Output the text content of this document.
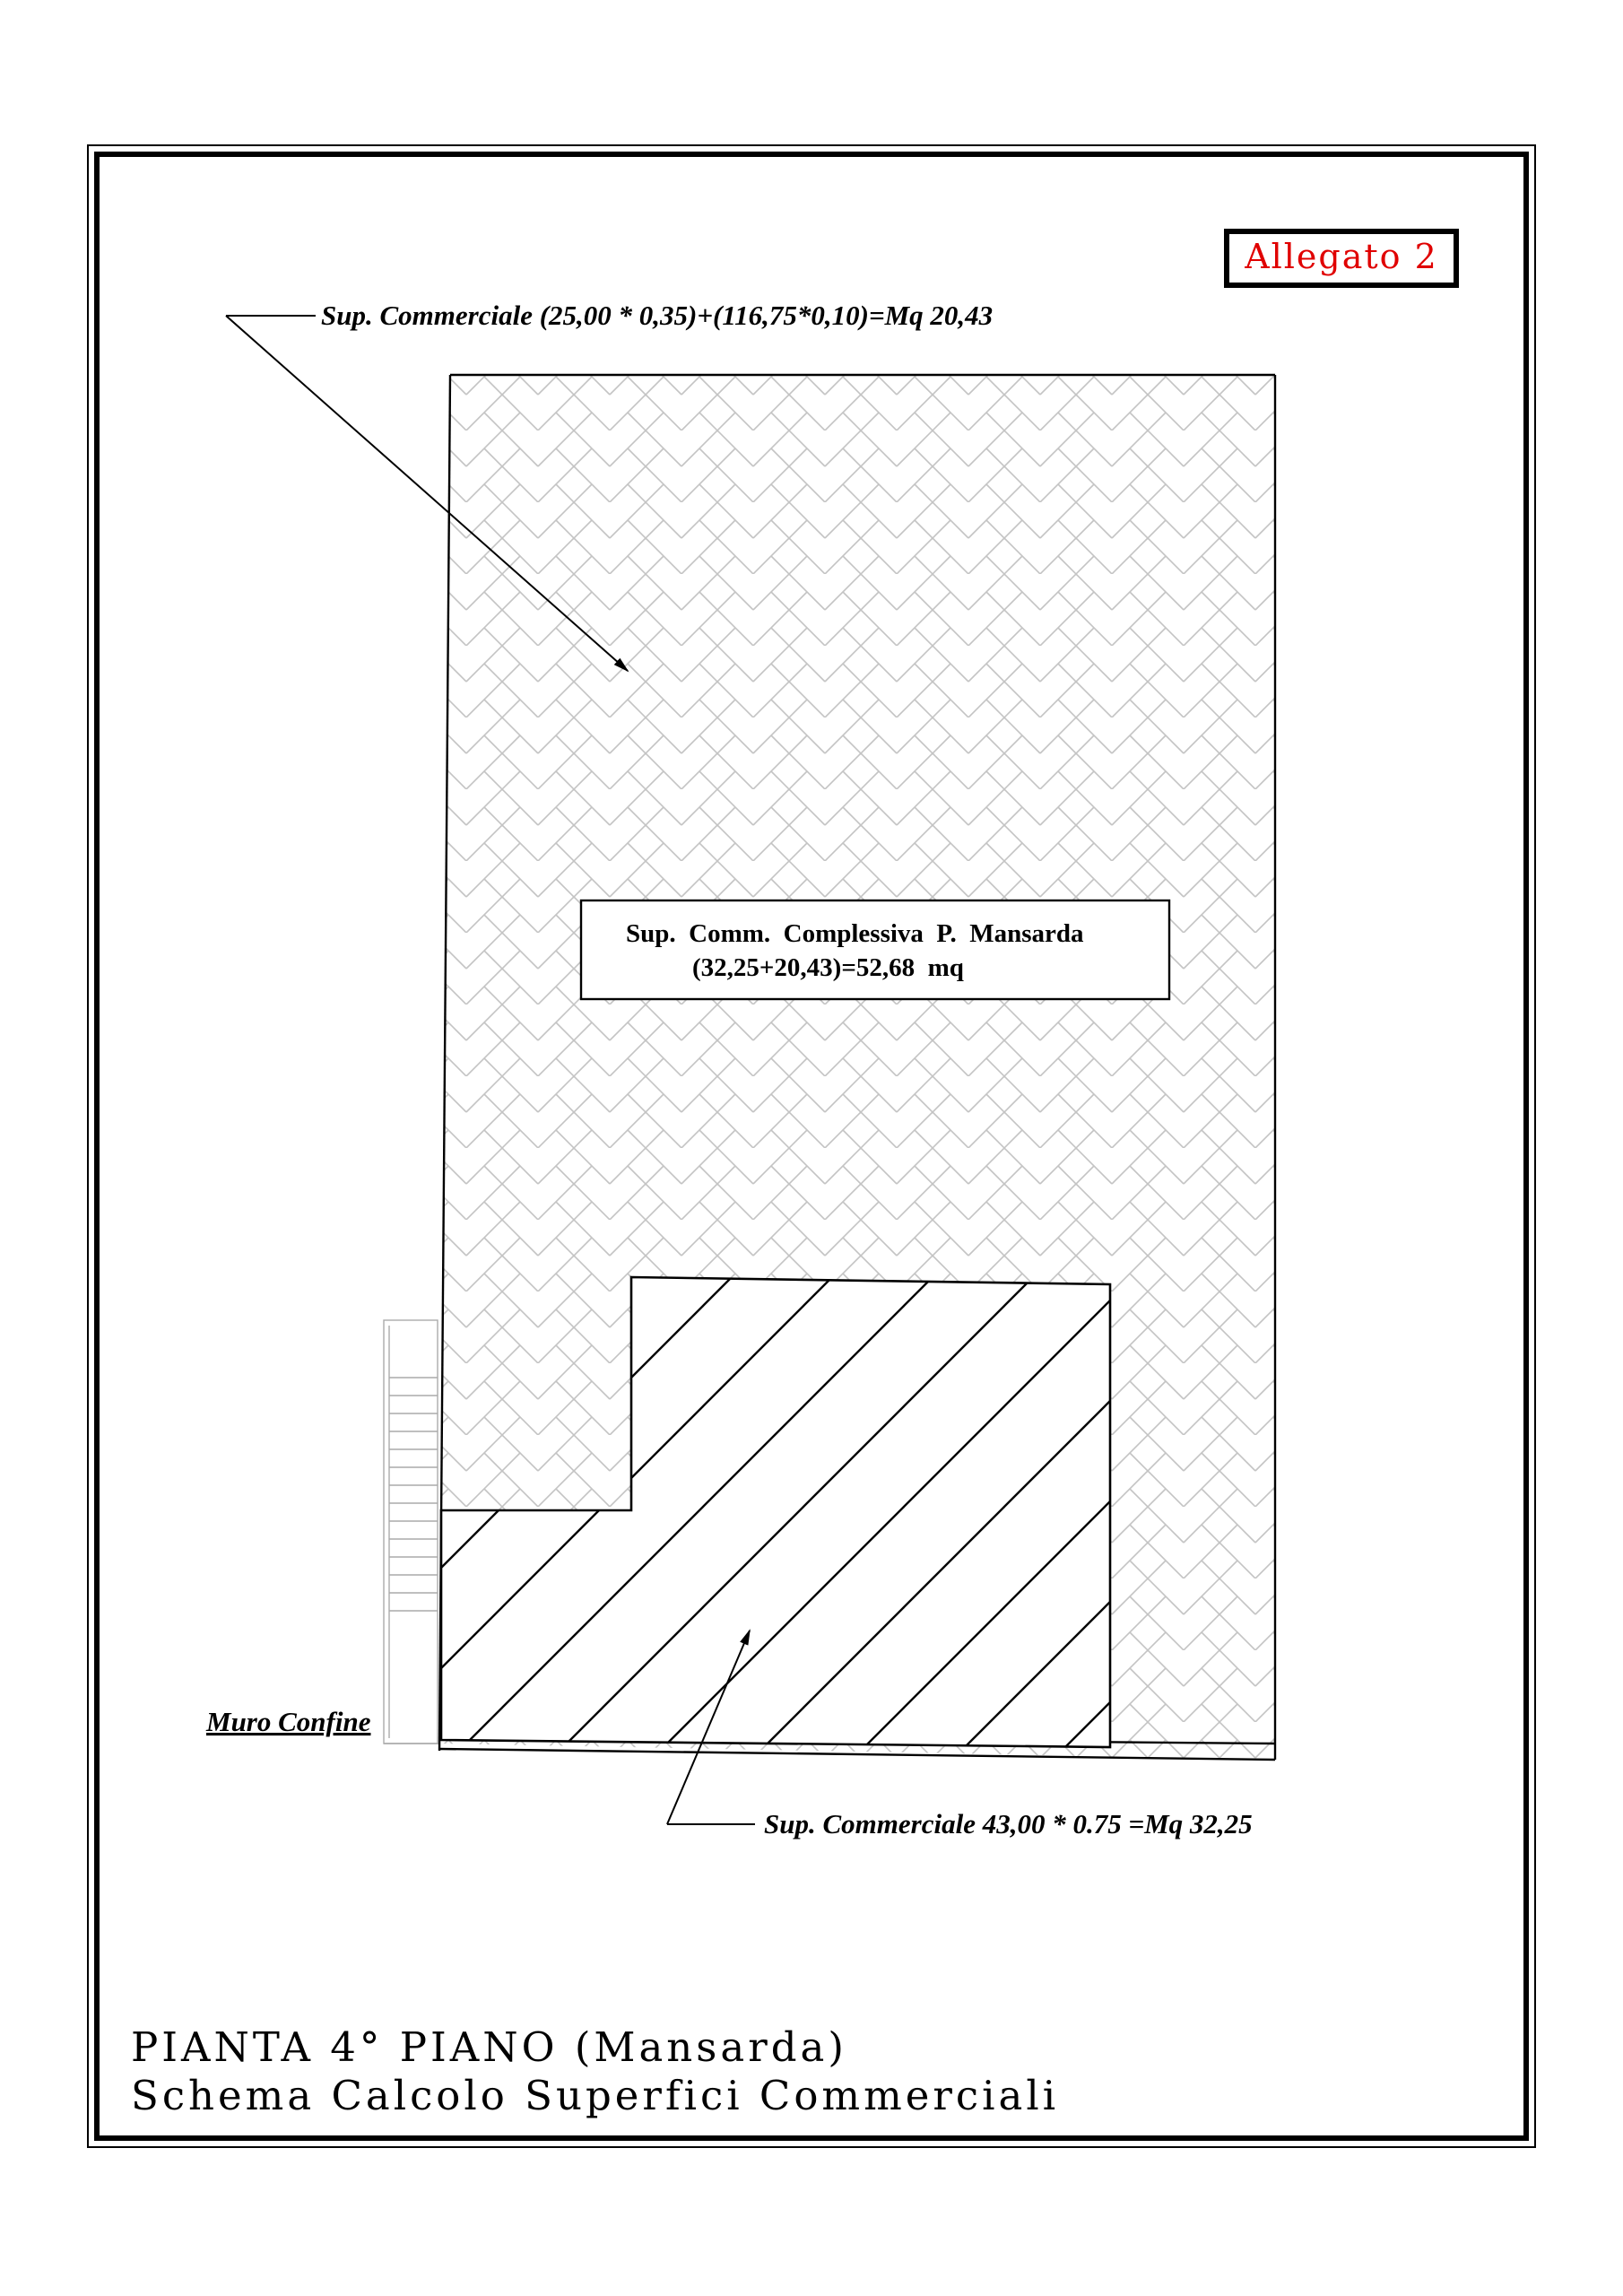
Allegato 2
Sup.  Comm.  Complessiva  P.  Mansarda
(32,25+20,43)=52,68  mq
Sup. Commerciale (25,00 * 0,35)+(116,75*0,10)=Mq 20,43
Sup. Commerciale 43,00 * 0.75 =Mq 32,25
Muro Confine
PIANTA 4° PIANO (Mansarda)
Schema Calcolo Superfici Commerciali
